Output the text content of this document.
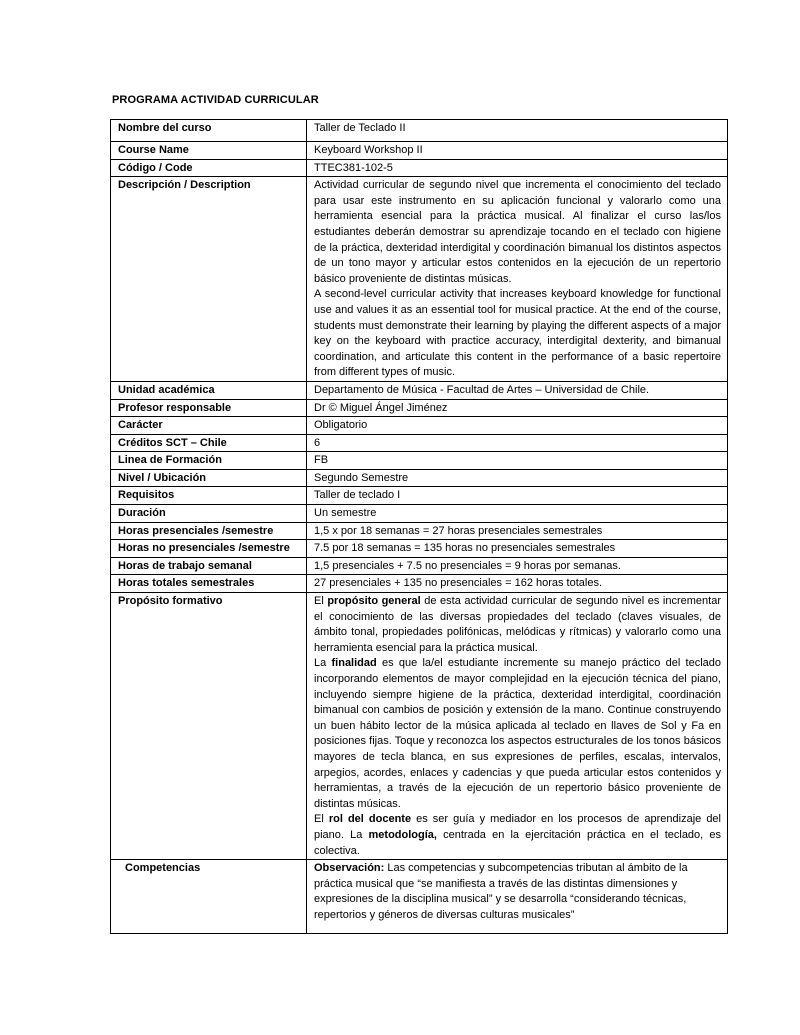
PROGRAMA ACTIVIDAD CURRICULAR
Nombre del curso	Taller de Teclado II
Course Name	Keyboard Workshop II
Código / Code	TTEC381-102-5
Descripción / Description	Actividad curricular de segundo nivel que incrementa el conocimiento del teclado para usar este instrumento en su aplicación funcional y valorarlo como una herramienta esencial para la práctica musical. Al finalizar el curso las/los estudiantes deberán demostrar su aprendizaje tocando en el teclado con higiene de la práctica, dexteridad interdigital y coordinación bimanual los distintos aspectos de un tono mayor y articular estos contenidos en la ejecución de un repertorio básico proveniente de distintas músicas.
A second-level curricular activity that increases keyboard knowledge for functional use and values it as an essential tool for musical practice. At the end of the course, students must demonstrate their learning by playing the different aspects of a major key on the keyboard with practice accuracy, interdigital dexterity, and bimanual coordination, and articulate this content in the performance of a basic repertoire from different types of music.

Unidad académica	Departamento de Música - Facultad de Artes – Universidad de Chile.
Profesor responsable	Dr © Miguel Ángel Jiménez
Carácter	Obligatorio
Créditos SCT – Chile	6
Linea de Formación	FB
Nivel / Ubicación	Segundo Semestre
Requisitos	Taller de teclado I
Duración	Un semestre
Horas presenciales /semestre	1,5 x por 18 semanas = 27 horas presenciales semestrales
Horas no presenciales /semestre	7.5 por 18 semanas = 135 horas no presenciales semestrales
Horas de trabajo semanal	1,5 presenciales + 7.5 no presenciales = 9 horas por semanas.
Horas totales semestrales	27 presenciales + 135 no presenciales = 162 horas totales.
Propósito formativo	El propósito general de esta actividad curricular de segundo nivel es incrementar el conocimiento de las diversas propiedades del teclado (claves visuales, de ámbito tonal, propiedades polifónicas, melódicas y rítmicas) y valorarlo como una herramienta esencial para la práctica musical.
La finalidad es que la/el estudiante incremente su manejo práctico del teclado incorporando elementos de mayor complejidad en la ejecución técnica del piano, incluyendo siempre higiene de la práctica, dexteridad interdigital, coordinación bimanual con cambios de posición y extensión de la mano. Continue construyendo un buen hábito lector de la música aplicada al teclado en llaves de Sol y Fa en posiciones fijas. Toque y reconozca los aspectos estructurales de los tonos básicos mayores de tecla blanca, en sus expresiones de perfiles, escalas, intervalos, arpegios, acordes, enlaces y cadencias y que pueda articular estos contenidos y herramientas, a través de la ejecución de un repertorio básico proveniente de distintas músicas.
El rol del docente es ser guía y mediador en los procesos de aprendizaje del piano. La metodología, centrada en la ejercitación práctica en el teclado, es colectiva.

Competencias	Observación: Las competencias y subcompetencias tributan al ámbito de la práctica musical que “se manifiesta a través de las distintas dimensiones y expresiones de la disciplina musical” y se desarrolla “considerando técnicas, repertorios y géneros de diversas culturas musicales”
